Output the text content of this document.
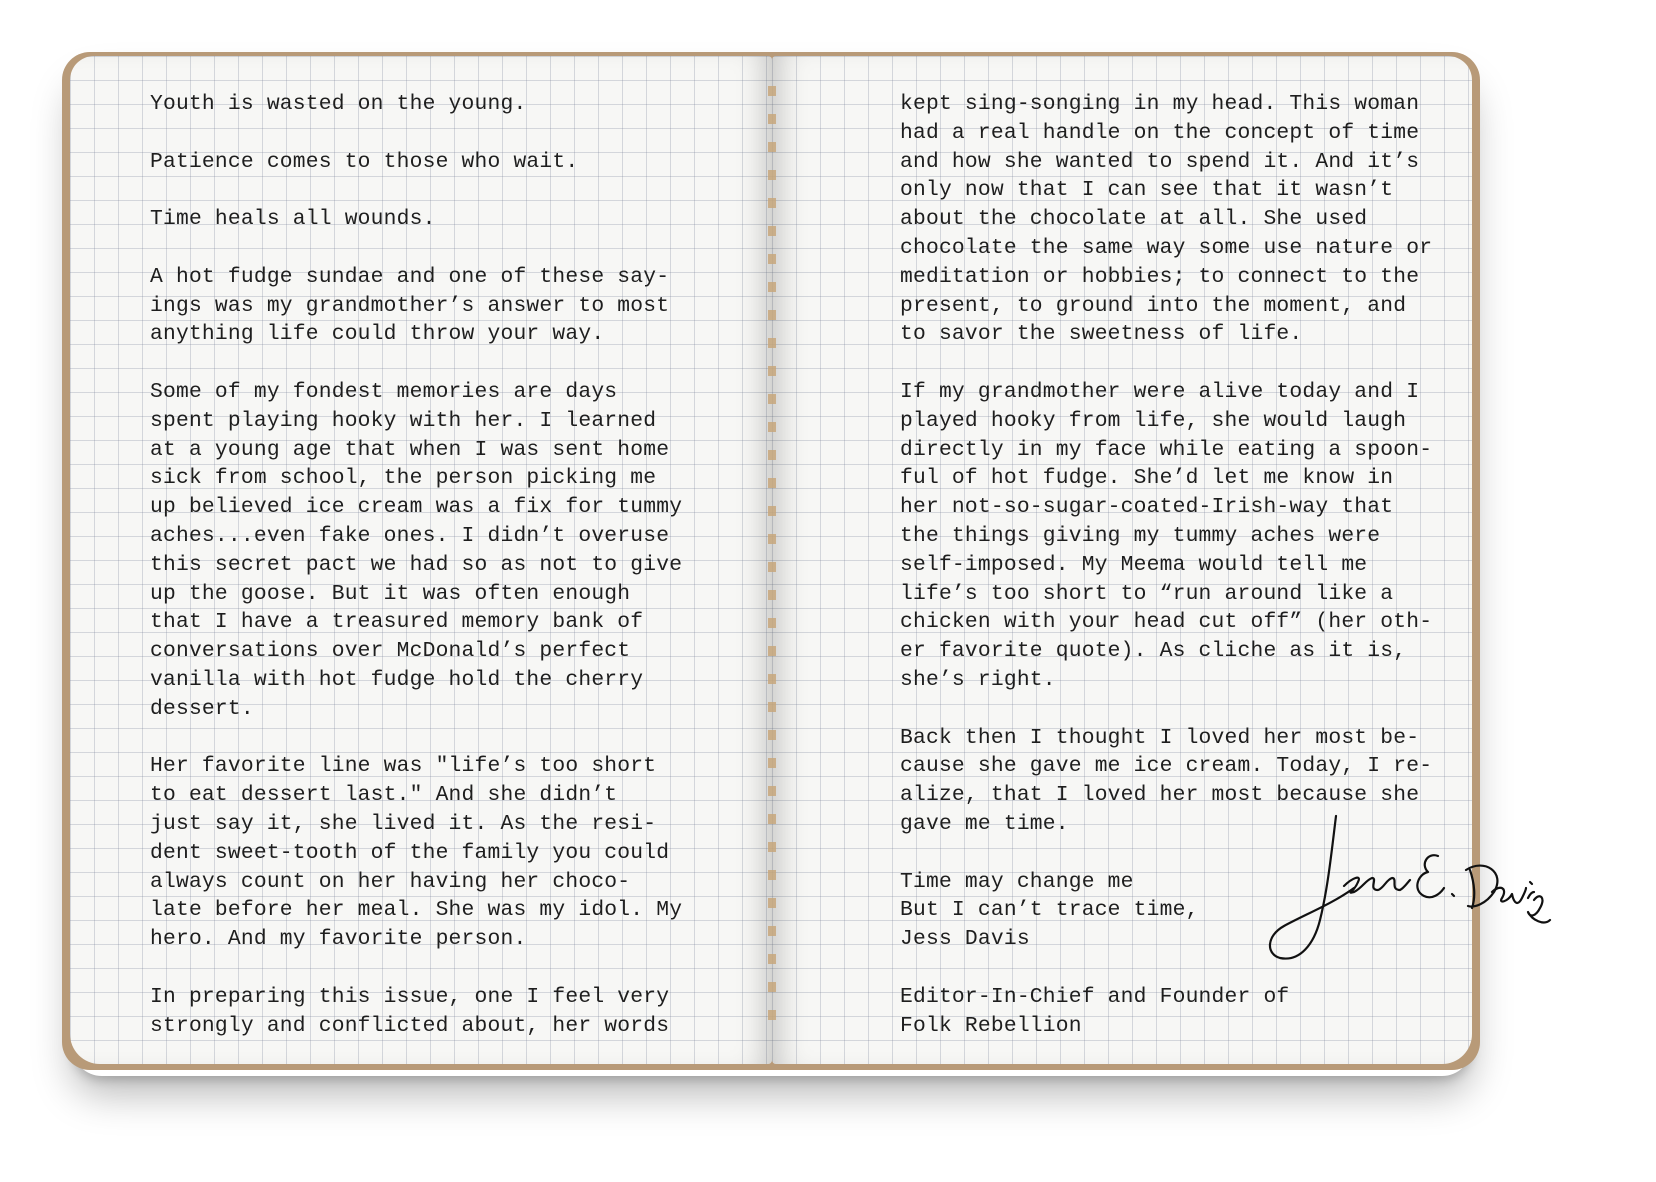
Youth is wasted on the young.

Patience comes to those who wait.

Time heals all wounds.

A hot fudge sundae and one of these say-
ings was my grandmother’s answer to most
anything life could throw your way.

Some of my fondest memories are days
spent playing hooky with her. I learned
at a young age that when I was sent home
sick from school, the person picking me
up believed ice cream was a fix for tummy
aches...even fake ones. I didn’t overuse
this secret pact we had so as not to give
up the goose. But it was often enough
that I have a treasured memory bank of
conversations over McDonald’s perfect
vanilla with hot fudge hold the cherry
dessert.

Her favorite line was "life’s too short
to eat dessert last." And she didn’t
just say it, she lived it. As the resi-
dent sweet-tooth of the family you could
always count on her having her choco-
late before her meal. She was my idol. My
hero. And my favorite person.

In preparing this issue, one I feel very
strongly and conflicted about, her words
kept sing-songing in my head. This woman
had a real handle on the concept of time
and how she wanted to spend it. And it’s
only now that I can see that it wasn’t
about the chocolate at all. She used
chocolate the same way some use nature or
meditation or hobbies; to connect to the
present, to ground into the moment, and
to savor the sweetness of life.

If my grandmother were alive today and I
played hooky from life, she would laugh
directly in my face while eating a spoon-
ful of hot fudge. She’d let me know in
her not-so-sugar-coated-Irish-way that
the things giving my tummy aches were
self-imposed. My Meema would tell me
life’s too short to “run around like a
chicken with your head cut off” (her oth-
er favorite quote). As cliche as it is,
she’s right.

Back then I thought I loved her most be-
cause she gave me ice cream. Today, I re-
alize, that I loved her most because she
gave me time.

Time may change me
But I can’t trace time,
Jess Davis

Editor-In-Chief and Founder of
Folk Rebellion
